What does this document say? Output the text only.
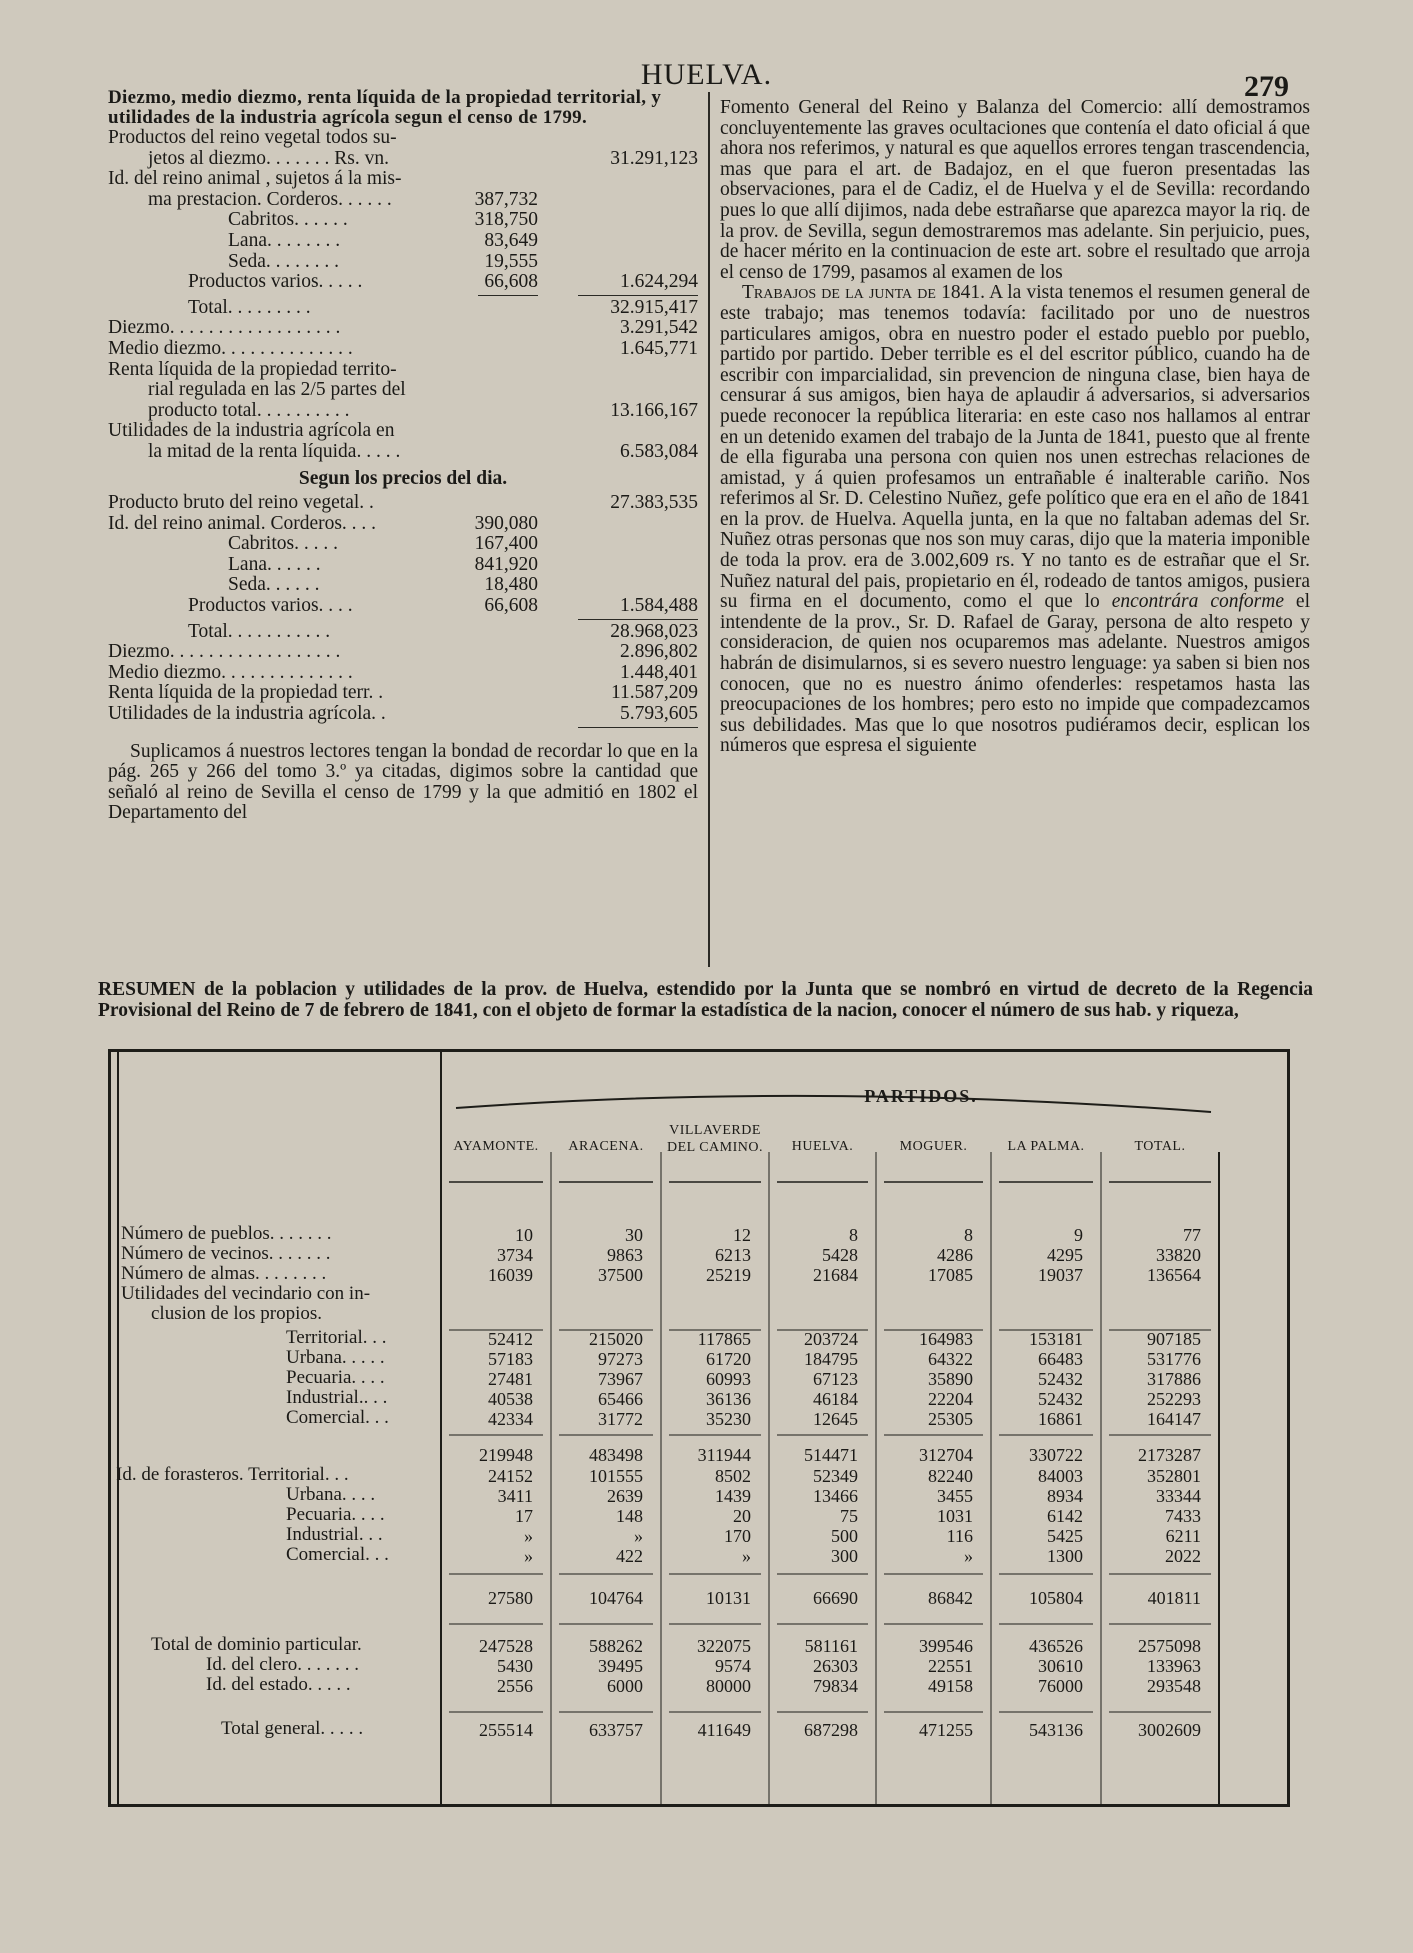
HUELVA.	279
Diezmo, medio diezmo, renta líquida de la propiedad territorial, y utilidades de la industria agrícola segun el censo de 1799.
Productos del reino vegetal todos su-
jetos al diezmo. . . . . . . Rs. vn.	31.291,123
Id. del reino animal , sujetos á la mis-
ma prestacion. Corderos. . . . . .	387,732
Cabritos. . . . . .	318,750
Lana. . . . . . . .	83,649
Seda. . . . . . . .	19,555
Productos varios. . . . .	66,608	1.624,294
Total. . . . . . . . .	32.915,417
Diezmo. . . . . . . . . . . . . . . . . .	3.291,542
Medio diezmo. . . . . . . . . . . . . .	1.645,771
Renta líquida de la propiedad territo-
rial regulada en las 2/5 partes del
producto total. . . . . . . . . .	13.166,167
Utilidades de la industria agrícola en
la mitad de la renta líquida. . . . .	6.583,084
Segun los precios del dia.
Producto bruto del reino vegetal. .	27.383,535
Id. del reino animal. Corderos. . . .	390,080
Cabritos. . . . .	167,400
Lana. . . . . .	841,920
Seda. . . . . .	18,480
Productos varios. . . .	66,608	1.584,488
Total. . . . . . . . . . .	28.968,023
Diezmo. . . . . . . . . . . . . . . . . .	2.896,802
Medio diezmo. . . . . . . . . . . . . .	1.448,401
Renta líquida de la propiedad terr. .	11.587,209
Utilidades de la industria agrícola. .	5.793,605
Suplicamos á nuestros lectores tengan la bondad de recordar lo que en la pág. 265 y 266 del tomo 3.º ya citadas, digimos sobre la cantidad que señaló al reino de Sevilla el censo de 1799 y la que admitió en 1802 el Departamento del

Fomento General del Reino y Balanza del Comercio: allí demostramos concluyentemente las graves ocultaciones que contenía el dato oficial á que ahora nos referimos, y natural es que aquellos errores tengan trascendencia, mas que para el art. de Badajoz, en el que fueron presentadas las observaciones, para el de Cadiz, el de Huelva y el de Sevilla: recordando pues lo que allí dijimos, nada debe estrañarse que aparezca mayor la riq. de la prov. de Sevilla, segun demostraremos mas adelante. Sin perjuicio, pues, de hacer mérito en la continuacion de este art. sobre el resultado que arroja el censo de 1799, pasamos al examen de los

Trabajos de la junta de 1841. A la vista tenemos el resumen general de este trabajo; mas tenemos todavía: facilitado por uno de nuestros particulares amigos, obra en nuestro poder el estado pueblo por pueblo, partido por partido. Deber terrible es el del escritor público, cuando ha de escribir con imparcialidad, sin prevencion de ninguna clase, bien haya de censurar á sus amigos, bien haya de aplaudir á adversarios, si adversarios puede reconocer la república literaria: en este caso nos hallamos al entrar en un detenido examen del trabajo de la Junta de 1841, puesto que al frente de ella figuraba una persona con quien nos unen estrechas relaciones de amistad, y á quien profesamos un entrañable é inalterable cariño. Nos referimos al Sr. D. Celestino Nuñez, gefe político que era en el año de 1841 en la prov. de Huelva. Aquella junta, en la que no faltaban ademas del Sr. Nuñez otras personas que nos son muy caras, dijo que la materia imponible de toda la prov. era de 3.002,609 rs. Y no tanto es de estrañar que el Sr. Nuñez natural del pais, propietario en él, rodeado de tantos amigos, pusiera su firma en el documento, como el que lo encontrára conforme el intendente de la prov., Sr. D. Rafael de Garay, persona de alto respeto y consideracion, de quien nos ocuparemos mas adelante. Nuestros amigos habrán de disimularnos, si es severo nuestro lenguage: ya saben si bien nos conocen, que no es nuestro ánimo ofenderles: respetamos hasta las preocupaciones de los hombres; pero esto no impide que compadezcamos sus debilidades. Mas que lo que nosotros pudiéramos decir, esplican los números que espresa el siguiente

RESUMEN de la poblacion y utilidades de la prov. de Huelva, estendido por la Junta que se nombró en virtud de decreto de la Regencia Provisional del Reino de 7 de febrero de 1841, con el objeto de formar la estadística de la nacion, conocer el número de sus hab. y riqueza,
PARTIDOS.
AYAMONTE.	ARACENA.
VILLAVERDE DEL CAMINO.	HUELVA.	MOGUER.	LA PALMA.	TOTAL.
Número de pueblos. . . . . . .	10	30	12	8	8	9	77
Número de vecinos. . . . . . .	3734	9863	6213	5428	4286	4295	33820
Número de almas. . . . . . . .	16039	37500	25219	21684	17085	19037	136564
Utilidades del vecindario con in-
clusion de los propios.
Territorial. . .	52412	215020	117865	203724	164983	153181	907185
Urbana. . . . .	57183	97273	61720	184795	64322	66483	531776
Pecuaria. . . .	27481	73967	60993	67123	35890	52432	317886
Industrial.. . .	40538	65466	36136	46184	22204	52432	252293
Comercial. . .	42334	31772	35230	12645	25305	16861	164147
219948	483498	311944	514471	312704	330722	2173287
Id. de forasteros. Territorial. . .	24152	101555	8502	52349	82240	84003	352801
Urbana. . . .	3411	2639	1439	13466	3455	8934	33344
Pecuaria. . . .	17	148	20	75	1031	6142	7433
Industrial. . .	»	»	170	500	116	5425	6211
Comercial. . .	»	422	»	300	»	1300	2022
27580	104764	10131	66690	86842	105804	401811
Total de dominio particular.	247528	588262	322075	581161	399546	436526	2575098
Id. del clero. . . . . . .	5430	39495	9574	26303	22551	30610	133963
Id. del estado. . . . .	2556	6000	80000	79834	49158	76000	293548
Total general. . . . .	255514	633757	411649	687298	471255	543136	3002609
